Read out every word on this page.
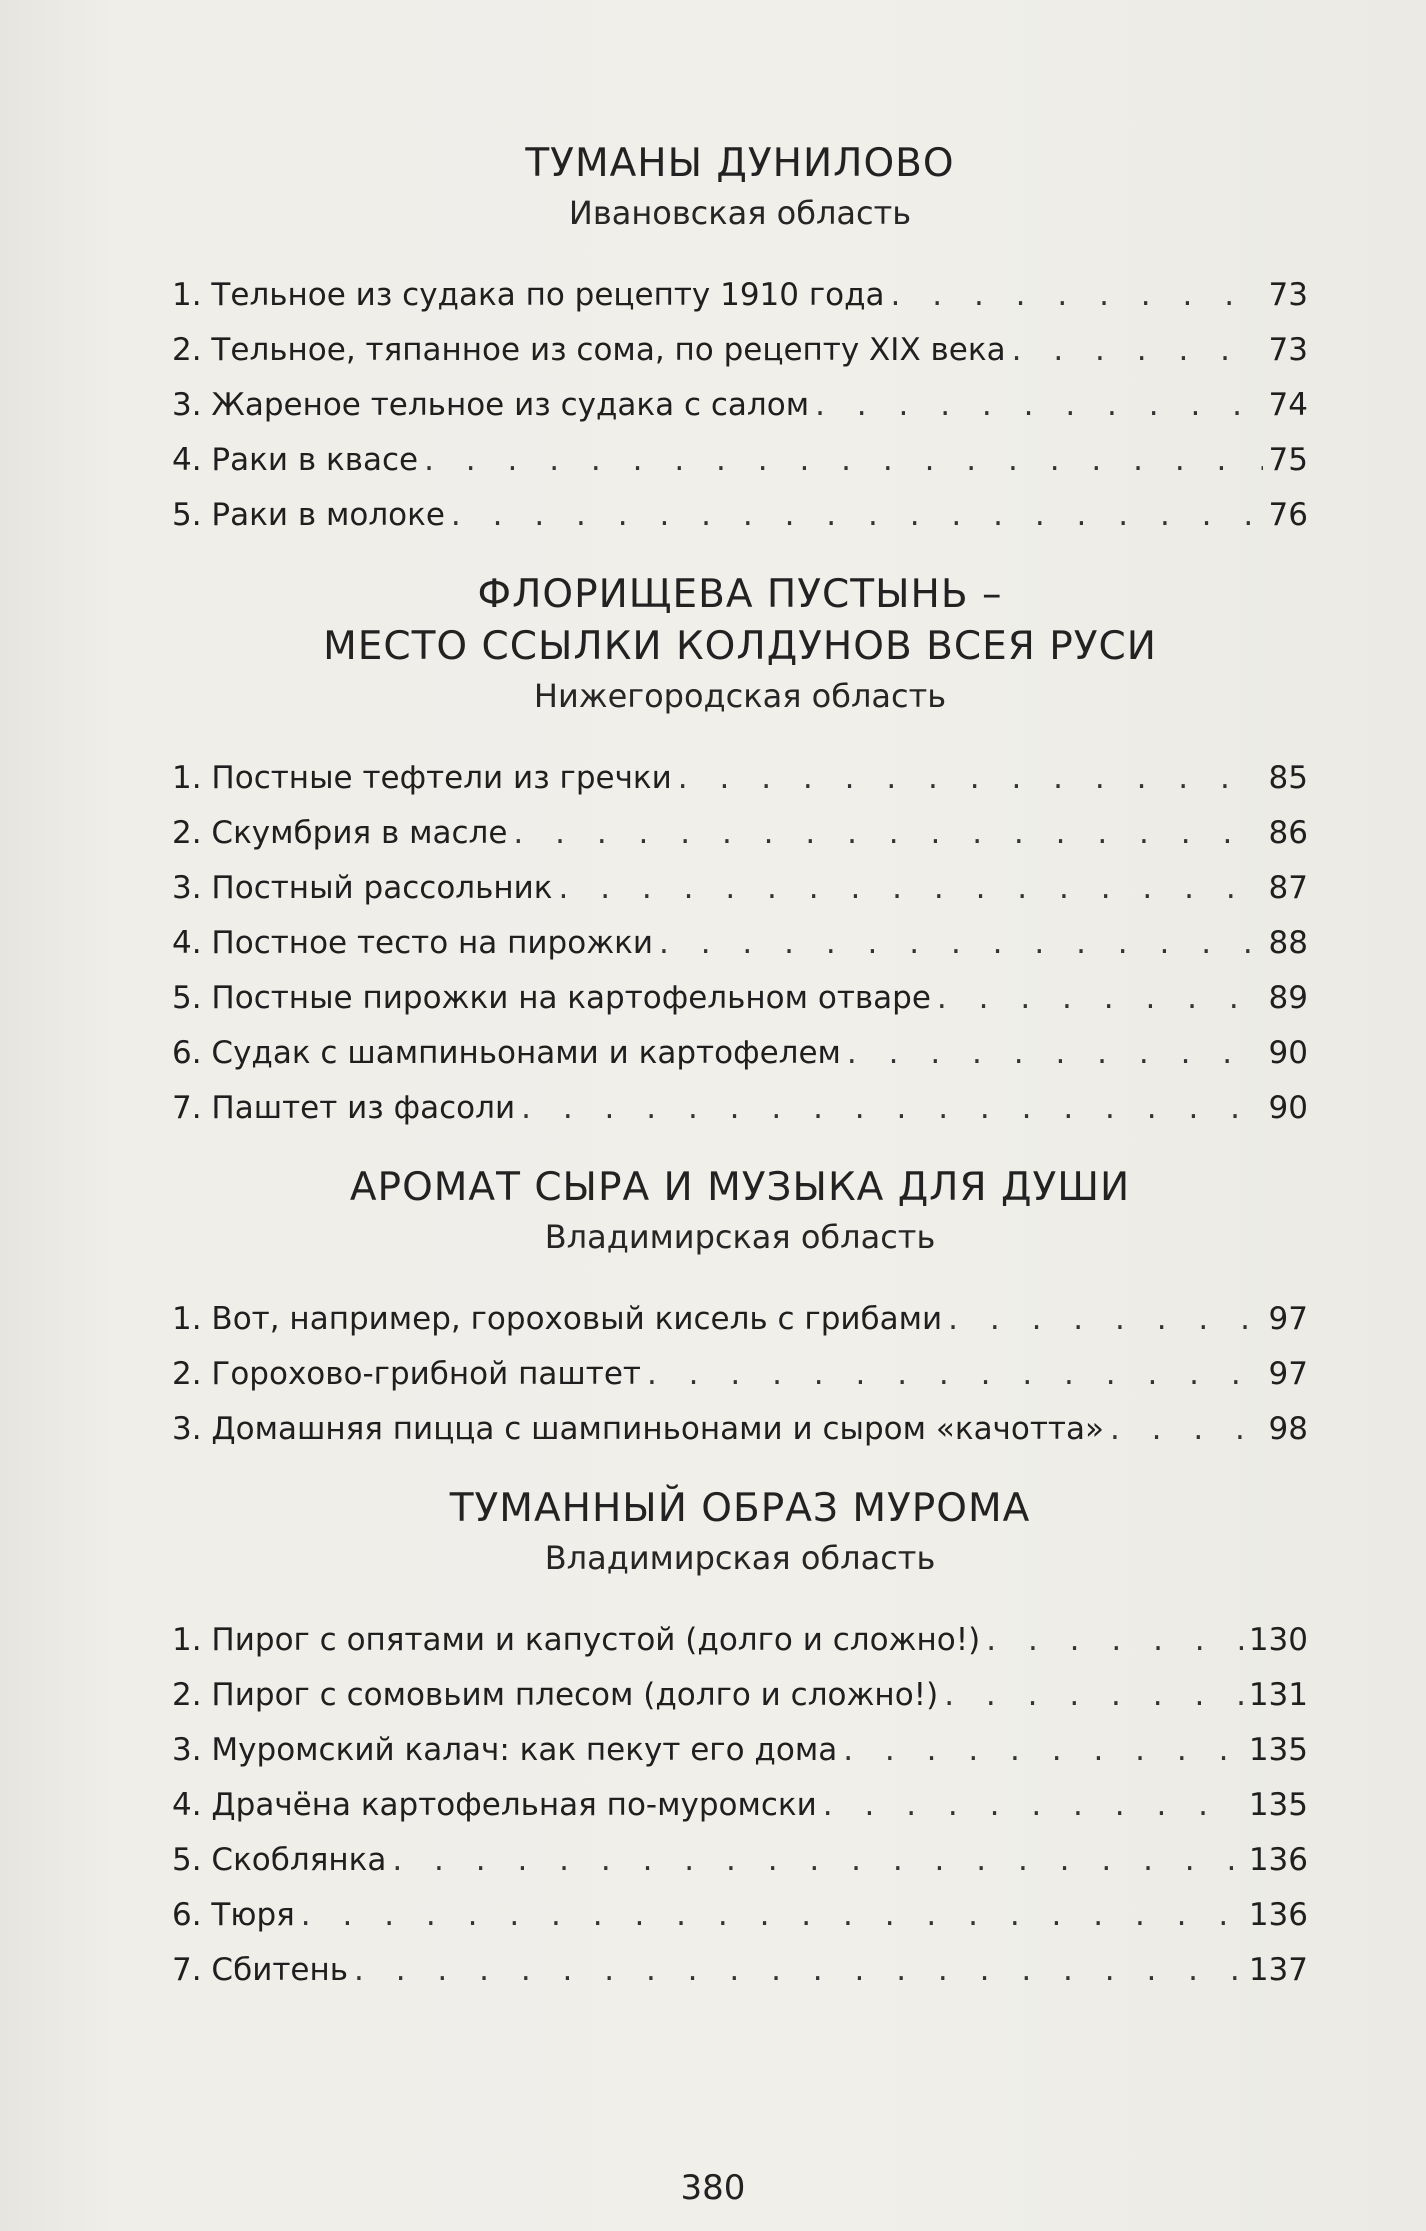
ТУМАНЫ ДУНИЛОВО
Ивановская область
1. Тельное из судака по рецепту 1910 года . . .	73
2. Тельное, тяпанное из сома, по рецепту XIX века . . .	73
3. Жареное тельное из судака с салом . . .	74
4. Раки в квасе . . .	75
5. Раки в молоке . . .	76
ФЛОРИЩЕВА ПУСТЫНЬ –
МЕСТО ССЫЛКИ КОЛДУНОВ ВСЕЯ РУСИ
Нижегородская область
1. Постные тефтели из гречки . . .	85
2. Скумбрия в масле . . .	86
3. Постный рассольник . . .	87
4. Постное тесто на пирожки . . .	88
5. Постные пирожки на картофельном отваре . . .	89
6. Судак с шампиньонами и картофелем . . .	90
7. Паштет из фасоли . . .	90
АРОМАТ СЫРА И МУЗЫКА ДЛЯ ДУШИ
Владимирская область
1. Вот, например, гороховый кисель с грибами . . .	97
2. Горохово-грибной паштет . . .	97
3. Домашняя пицца с шампиньонами и сыром «качотта» . . .	98
ТУМАННЫЙ ОБРАЗ МУРОМА
Владимирская область
1. Пирог с опятами и капустой (долго и сложно!) . . .	130
2. Пирог с сомовьим плесом (долго и сложно!) . . .	131
3. Муромский калач: как пекут его дома . . .	135
4. Драчёна картофельная по-муромски . . .	135
5. Скоблянка . . .	136
6. Тюря . . .	136
7. Сбитень . . .	137
380
